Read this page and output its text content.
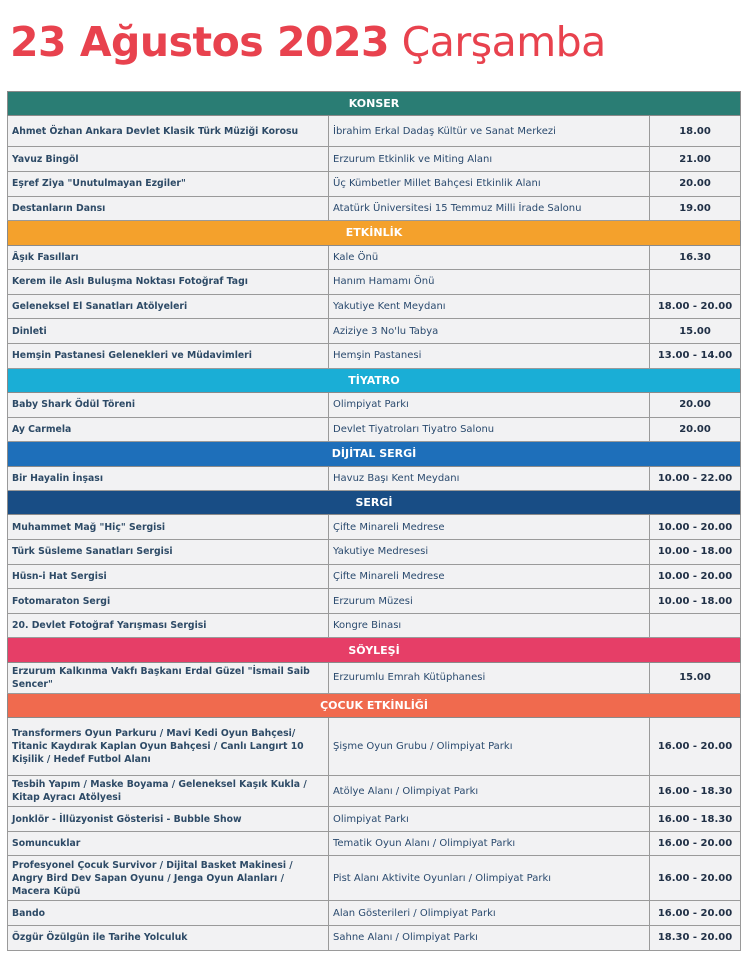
23 Ağustos 2023 Çarşamba
KONSER		
Ahmet Özhan Ankara Devlet Klasik Türk Müziği Korosu	İbrahim Erkal Dadaş Kültür ve Sanat Merkezi	18.00
Yavuz Bingöl	Erzurum Etkinlik ve Miting Alanı	21.00
Eşref Ziya "Unutulmayan Ezgiler"	Üç Kümbetler Millet Bahçesi Etkinlik Alanı	20.00
Destanların Dansı	Atatürk Üniversitesi 15 Temmuz Milli İrade Salonu	19.00
ETKİNLİK		
Âşık Fasılları	Kale Önü	16.30
Kerem ile Aslı Buluşma Noktası Fotoğraf Tagı	Hanım Hamamı Önü	
Geleneksel El Sanatları Atölyeleri	Yakutiye Kent Meydanı	18.00 - 20.00
Dinleti	Aziziye 3 No'lu Tabya	15.00
Hemşin Pastanesi Gelenekleri ve Müdavimleri	Hemşin Pastanesi	13.00 - 14.00
TİYATRO		
Baby Shark Ödül Töreni	Olimpiyat Parkı	20.00
Ay Carmela	Devlet Tiyatroları Tiyatro Salonu	20.00
DİJİTAL SERGİ		
Bir Hayalin İnşası	Havuz Başı Kent Meydanı	10.00 - 22.00
SERGİ		
Muhammet Mağ "Hiç" Sergisi	Çifte Minareli Medrese	10.00 - 20.00
Türk Süsleme Sanatları Sergisi	Yakutiye Medresesi	10.00 - 18.00
Hüsn-i Hat Sergisi	Çifte Minareli Medrese	10.00 - 20.00
Fotomaraton Sergi	Erzurum Müzesi	10.00 - 18.00
20. Devlet Fotoğraf Yarışması Sergisi	Kongre Binası	
SÖYLEŞİ		
Erzurum Kalkınma Vakfı Başkanı Erdal Güzel "İsmail Saib Sencer"	Erzurumlu Emrah Kütüphanesi	15.00
ÇOCUK ETKİNLİĞİ		
Transformers Oyun Parkuru / Mavi Kedi Oyun Bahçesi/ Titanic Kaydırak Kaplan Oyun Bahçesi / Canlı Langırt 10 Kişilik / Hedef Futbol Alanı	Şişme Oyun Grubu / Olimpiyat Parkı	16.00 - 20.00
Tesbih Yapım / Maske Boyama / Geleneksel Kaşık Kukla / Kitap Ayracı Atölyesi	Atölye Alanı / Olimpiyat Parkı	16.00 - 18.30
Jonklör - İllüzyonist Gösterisi - Bubble Show	Olimpiyat Parkı	16.00 - 18.30
Somuncuklar	Tematik Oyun Alanı / Olimpiyat Parkı	16.00 - 20.00
Profesyonel Çocuk Survivor / Dijital Basket Makinesi / Angry Bird Dev Sapan Oyunu / Jenga Oyun Alanları / Macera Küpü	Pist Alanı Aktivite Oyunları / Olimpiyat Parkı	16.00 - 20.00
Bando	Alan Gösterileri / Olimpiyat Parkı	16.00 - 20.00
Özgür Özülgün ile Tarihe Yolculuk	Sahne Alanı / Olimpiyat Parkı	18.30 - 20.00
